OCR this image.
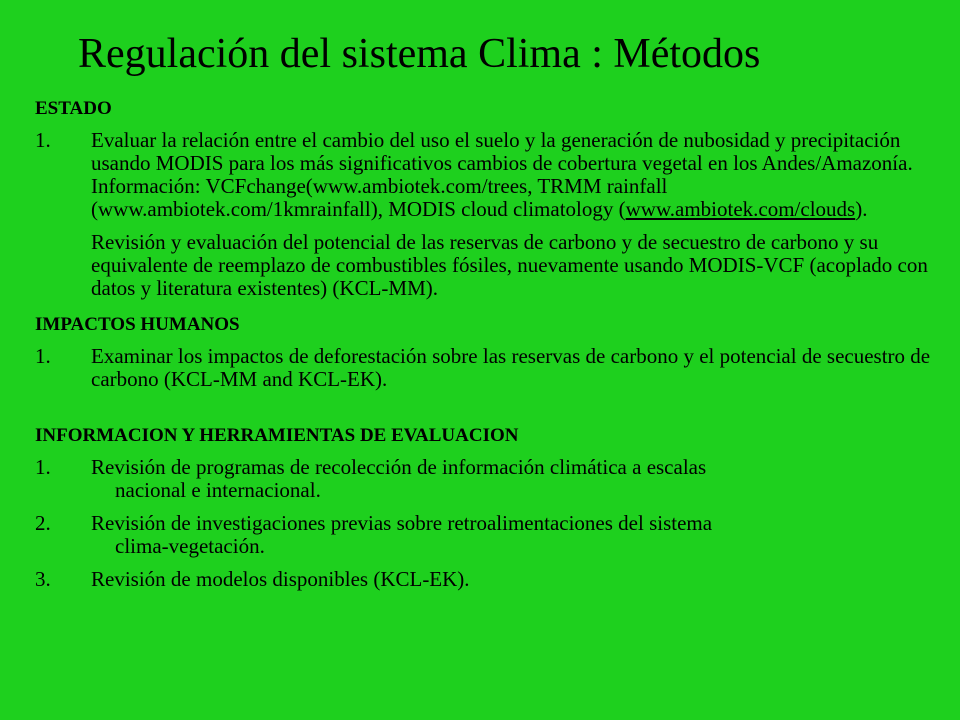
Regulación del sistema Clima : Métodos
ESTADO
1. Evaluar la relación entre el cambio del uso el suelo y la generación de nubosidad y precipitación usando MODIS para los más significativos cambios de cobertura vegetal en los Andes/Amazonía. Información: VCFchange(www.ambiotek.com/trees, TRMM rainfall (www.ambiotek.com/1kmrainfall), MODIS cloud climatology (www.ambiotek.com/clouds).
Revisión y evaluación del potencial de las reservas de carbono y de secuestro de carbono y su equivalente de reemplazo de combustibles fósiles, nuevamente usando MODIS-VCF (acoplado con datos y literatura existentes) (KCL-MM).
IMPACTOS HUMANOS
1. Examinar los impactos de deforestación sobre las reservas de carbono y el potencial de secuestro de carbono (KCL-MM and KCL-EK).
INFORMACION Y HERRAMIENTAS DE EVALUACION
1. Revisión de programas de recolección de información climática a escalas
nacional e internacional.
2. Revisión de investigaciones previas sobre retroalimentaciones del sistema
clima-vegetación.
3. Revisión de modelos disponibles (KCL-EK).
